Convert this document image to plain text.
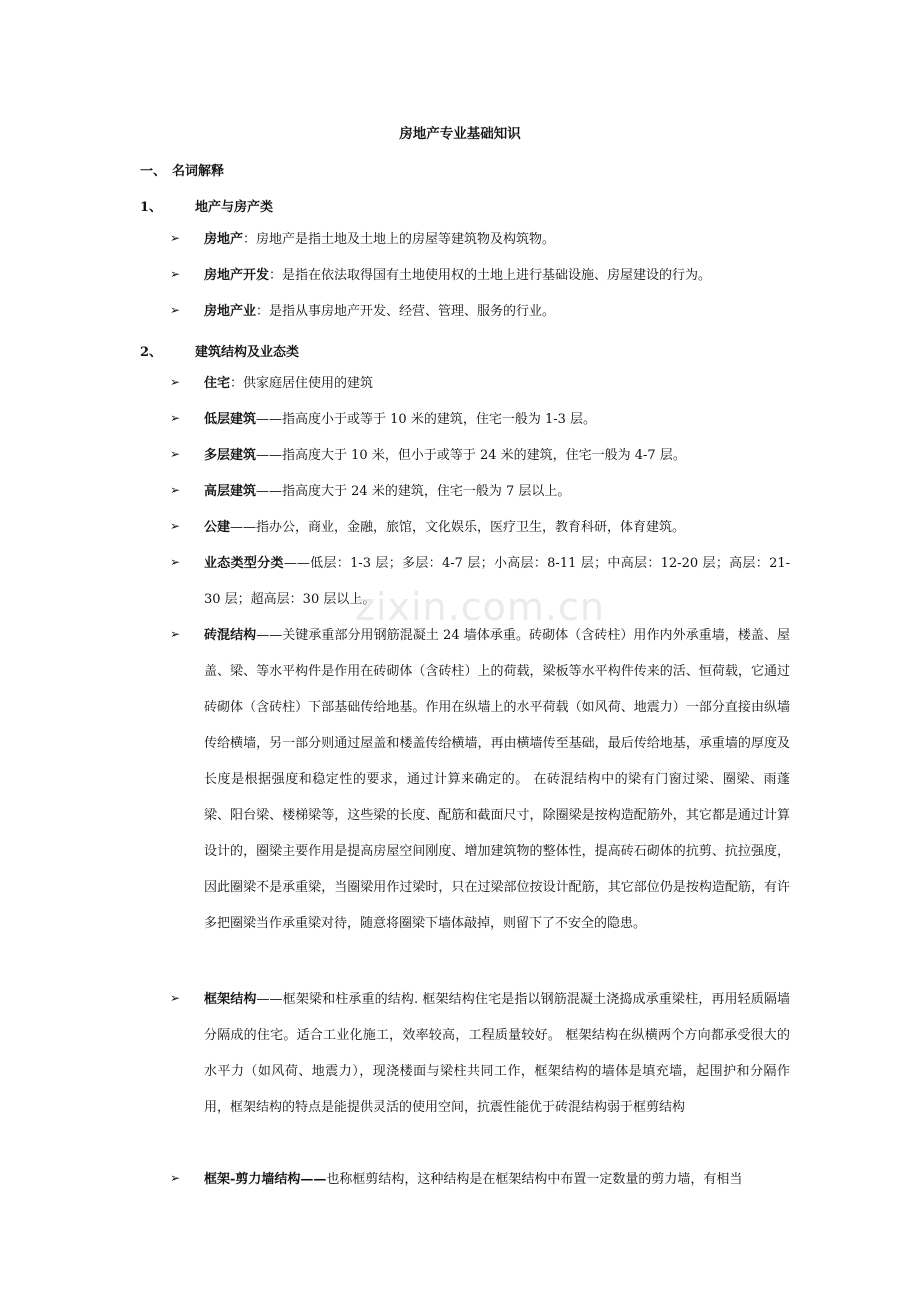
房地产专业基础知识
一、 名词解释
1、	地产与房产类
➢	房地产：房地产是指土地及土地上的房屋等建筑物及构筑物。
➢	房地产开发：是指在依法取得国有土地使用权的土地上进行基础设施、房屋建设的行为。
➢	房地产业：是指从事房地产开发、经营、管理、服务的行业。
2、	建筑结构及业态类
➢	住宅：供家庭居住使用的建筑
➢	低层建筑——指高度小于或等于 10 米的建筑，住宅一般为 1-3 层。
➢	多层建筑——指高度大于 10 米，但小于或等于 24 米的建筑，住宅一般为 4-7 层。
➢	高层建筑——指高度大于 24 米的建筑，住宅一般为 7 层以上。
➢	公建——指办公，商业，金融，旅馆，文化娱乐，医疗卫生，教育科研，体育建筑。
➢	业态类型分类——低层：1-3 层；多层：4-7 层；小高层：8-11 层；中高层：12-20 层；高层：21-30 层；超高层：30 层以上。
➢	砖混结构——关键承重部分用钢筋混凝土 24 墙体承重。砖砌体（含砖柱）用作内外承重墙，楼盖、屋盖、梁、等水平构件是作用在砖砌体（含砖柱）上的荷载，梁板等水平构件传来的活、恒荷载，它通过砖砌体（含砖柱）下部基础传给地基。作用在纵墙上的水平荷载（如风荷、地震力）一部分直接由纵墙传给横墙，另一部分则通过屋盖和楼盖传给横墙，再由横墙传至基础，最后传给地基，承重墙的厚度及长度是根据强度和稳定性的要求，通过计算来确定的。 在砖混结构中的梁有门窗过梁、圈梁、雨蓬梁、阳台梁、楼梯梁等，这些梁的长度、配筋和截面尺寸，除圈梁是按构造配筋外，其它都是通过计算设计的，圈梁主要作用是提高房屋空间刚度、增加建筑物的整体性，提高砖石砌体的抗剪、抗拉强度，因此圈梁不是承重梁，当圈梁用作过梁时，只在过梁部位按设计配筋，其它部位仍是按构造配筋，有许多把圈梁当作承重梁对待，随意将圈梁下墙体敲掉，则留下了不安全的隐患。
➢	框架结构——框架梁和柱承重的结构. 框架结构住宅是指以钢筋混凝土浇捣成承重梁柱，再用轻质隔墙分隔成的住宅。适合工业化施工，效率较高，工程质量较好。 框架结构在纵横两个方向都承受很大的水平力（如风荷、地震力），现浇楼面与梁柱共同工作，框架结构的墙体是填充墙，起围护和分隔作用，框架结构的特点是能提供灵活的使用空间，抗震性能优于砖混结构弱于框剪结构
➢	框架-剪力墙结构——也称框剪结构，这种结构是在框架结构中布置一定数量的剪力墙，有相当
zixin.com.cn
